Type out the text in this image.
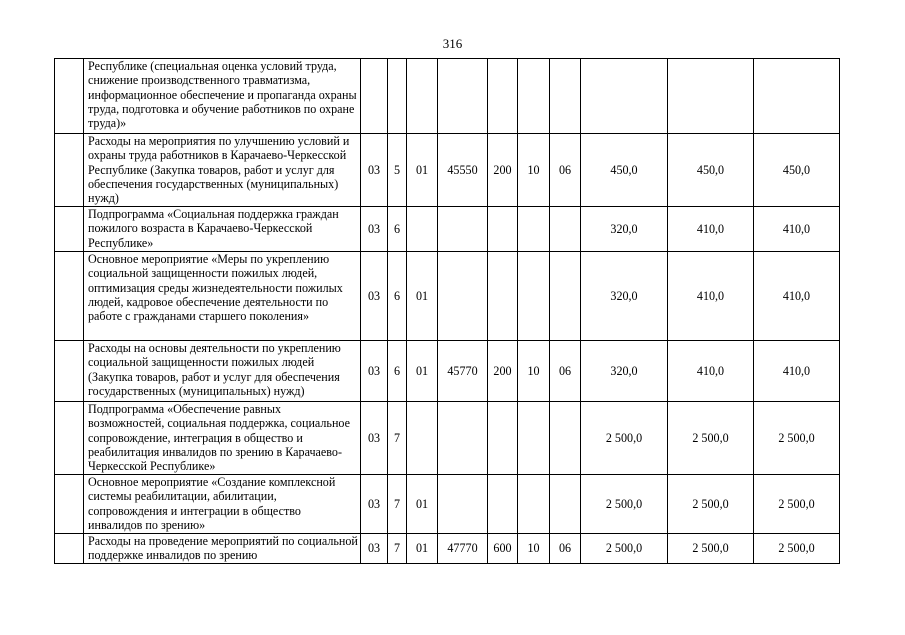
316
	Республике (специальная оценка условий труда, снижение производственного травматизма, информационное обеспечение и пропаганда охраны труда, подготовка и обучение работников по охране труда)»										
	Расходы на мероприятия по улучшению условий и охраны труда работников в Карачаево-Черкесской Республике (Закупка товаров, работ и услуг для обеспечения государственных (муниципальных) нужд)	03	5	01	45550	200	10	06	450,0	450,0	450,0
	Подпрограмма «Социальная поддержка граждан пожилого возраста в Карачаево-Черкесской Республике»	03	6						320,0	410,0	410,0
	Основное мероприятие «Меры по укреплению социальной защищенности пожилых людей, оптимизация среды жизнедеятельности пожилых людей, кадровое обеспечение деятельности по работе с гражданами старшего поколения»	03	6	01					320,0	410,0	410,0
	Расходы на основы деятельности по укреплению социальной защищенности пожилых людей (Закупка товаров, работ и услуг для обеспечения государственных (муниципальных) нужд)	03	6	01	45770	200	10	06	320,0	410,0	410,0
	Подпрограмма «Обеспечение равных возможностей, социальная поддержка, социальное сопровождение, интеграция в общество и реабилитация инвалидов по зрению в Карачаево-Черкесской Республике»	03	7						2 500,0	2 500,0	2 500,0
	Основное мероприятие «Создание комплексной системы реабилитации, абилитации, сопровождения и интеграции в общество инвалидов по зрению»	03	7	01					2 500,0	2 500,0	2 500,0
	Расходы на проведение мероприятий по социальной поддержке инвалидов по зрению	03	7	01	47770	600	10	06	2 500,0	2 500,0	2 500,0
